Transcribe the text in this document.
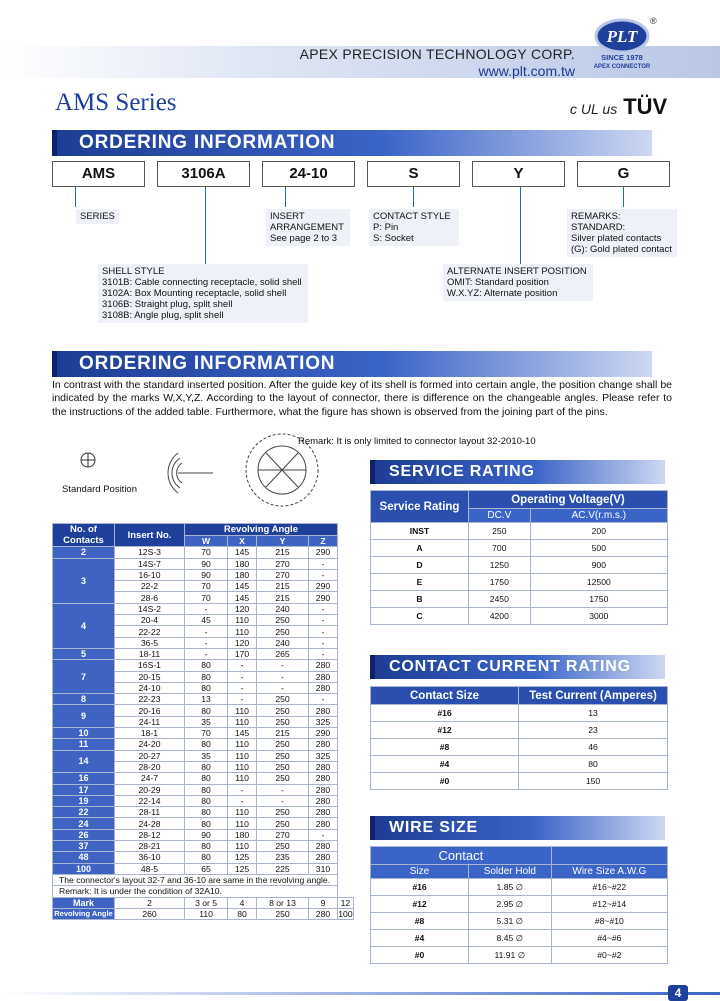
APEX PRECISION TECHNOLOGY CORP.
www.plt.com.tw
PLT
®
SINCE 1978
APEX CONNECTOR
AMS Series	c UL us TÜV
ORDERING INFORMATION
AMS	3106A	24-10	S	Y	G
SERIES	INSERT
ARRANGEMENT
See page 2 to 3
CONTACT STYLE
P: Pin
S: Socket
REMARKS:
STANDARD:
Silver plated contacts
(G): Gold plated contact
SHELL STYLE
3101B: Cable connecting receptacle, solid shell
3102A: Box Mounting receptacle, solid shell
3106B: Straight plug, split shell
3108B: Angle plug, split shell
ALTERNATE INSERT POSITION
OMIT: Standard position
W.X.YZ: Alternate position
ORDERING INFORMATION
In contrast with the standard inserted position. After the guide key of its shell is formed into certain angle, the position change shall be indicated by the marks W,X,Y,Z. According to the layout of connector, there is difference on the changeable angles. Please refer to the instructions of the added table. Furthermore, what the figure has shown is observed from the joining part of the pins.
Standard Position
Remark: It is only limited to connector layout 32-2010-10
No. of Contacts	Insert No.	Revolving Angle				
		W	X	Y	Z	
2	12S-3	70	145	215	290	
3	14S-7	90	180	270	-	
	16-10	90	180	270	-	
	22-2	70	145	215	290	
	28-6	70	145	215	290	
4	14S-2	-	120	240	-	
	20-4	45	110	250	-	
	22-22	-	110	250	-	
	36-5	-	120	240	-	
5	18-11	-	170	265	-	
7	16S-1	80	-	-	280	
	20-15	80	-	-	280	
	24-10	80	-	-	280	
8	22-23	13	-	250	-	
9	20-16	80	110	250	280	
	24-11	35	110	250	325	
10	18-1	70	145	215	290	
11	24-20	80	110	250	280	
14	20-27	35	110	250	325	
	28-20	80	110	250	280	
16	24-7	80	110	250	280	
17	20-29	80	-	-	280	
19	22-14	80	-	-	280	
22	28-11	80	110	250	280	
24	24-28	80	110	250	280	
26	28-12	90	180	270	-	
37	28-21	80	110	250	280	
48	36-10	80	125	235	280	
100	48-5	65	125	225	310	
The connector's layout 32-7 and 36-10 are same in the revolving angle.						
Remark: It is under the condition of 32A10.						
Mark	2	3 or 5	4	8 or 13	9	12
Revolving Angle	260	110	80	250	280	100
SERVICE RATING
Service Rating	Operating Voltage(V)	
	DC.V	AC.V(r.m.s.)
INST	250	200
A	700	500
D	1250	900
E	1750	12500
B	2450	1750
C	4200	3000
CONTACT CURRENT RATING
Contact Size	Test Current (Amperes)
#16	13
#12	23
#8	46
#4	80
#0	150
WIRE SIZE
Contact		
Size	Solder Hold	Wire Size A.W.G
#16	1.85 ∅	#16~#22
#12	2.95 ∅	#12~#14
#8	5.31 ∅	#8~#10
#4	8.45 ∅	#4~#6
#0	11.91 ∅	#0~#2
4
